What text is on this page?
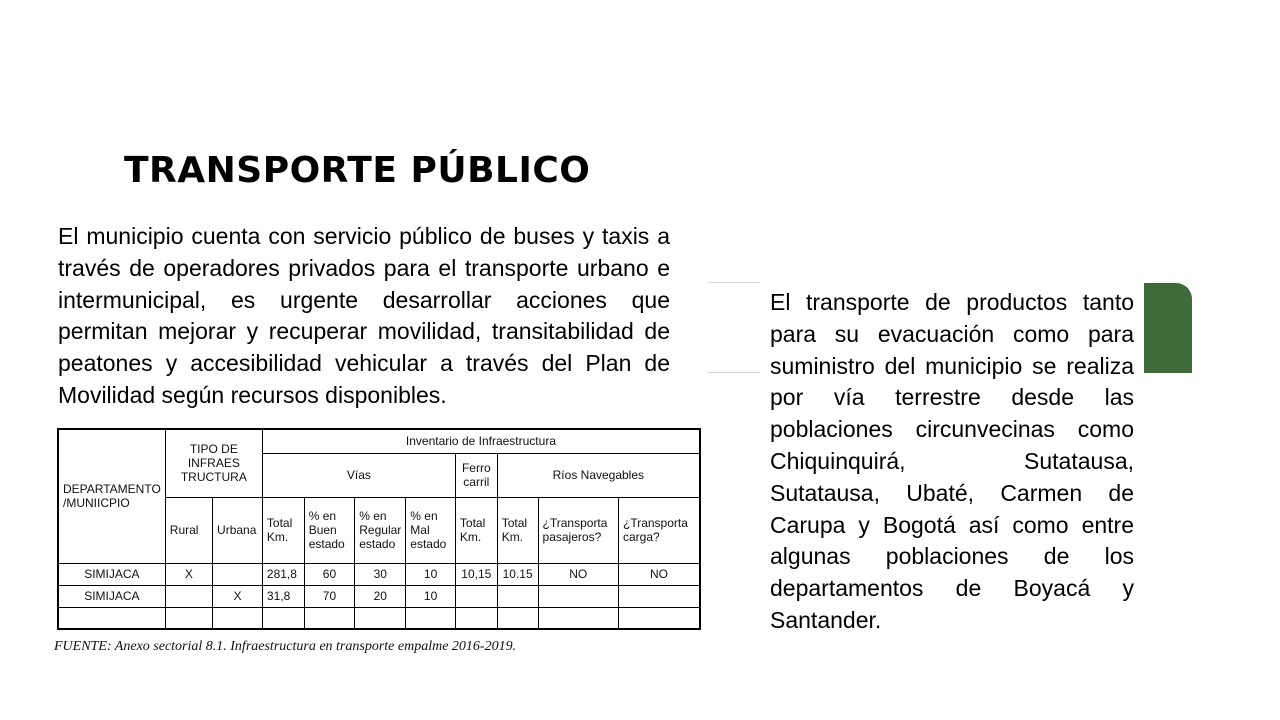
TRANSPORTE PÚBLICO

El municipio cuenta con servicio público de buses y taxis a través de operadores privados para el transporte urbano e intermunicipal, es urgente desarrollar acciones que permitan mejorar y recuperar movilidad, transitabilidad de peatones y accesibilidad vehicular a través del Plan de Movilidad según recursos disponibles.

El transporte de productos tanto para su evacuación como para suministro del municipio se realiza por vía terrestre desde las poblaciones circunvecinas como Chiquinquirá, Sutatausa, Sutatausa, Ubaté, Carmen de Carupa y Bogotá así como entre algunas poblaciones de los departamentos de Boyacá y Santander.

DEPARTAMENTO /MUNIICPIO	TIPO DE INFRAES TRUCTURA		Inventario de Infraestructura							
			Vías				Ferro carril	Ríos Navegables		
	Rural	Urbana	Total Km.	% en Buen estado	% en Regular estado	% en Mal estado	Total Km.	Total Km.	¿Transporta pasajeros?	¿Transporta carga?
SIMIJACA	X		281,8	60	30	10	10,15	10.15	NO	NO
SIMIJACA		X	31,8	70	20	10				

FUENTE: Anexo sectorial 8.1. Infraestructura en transporte empalme 2016-2019.
